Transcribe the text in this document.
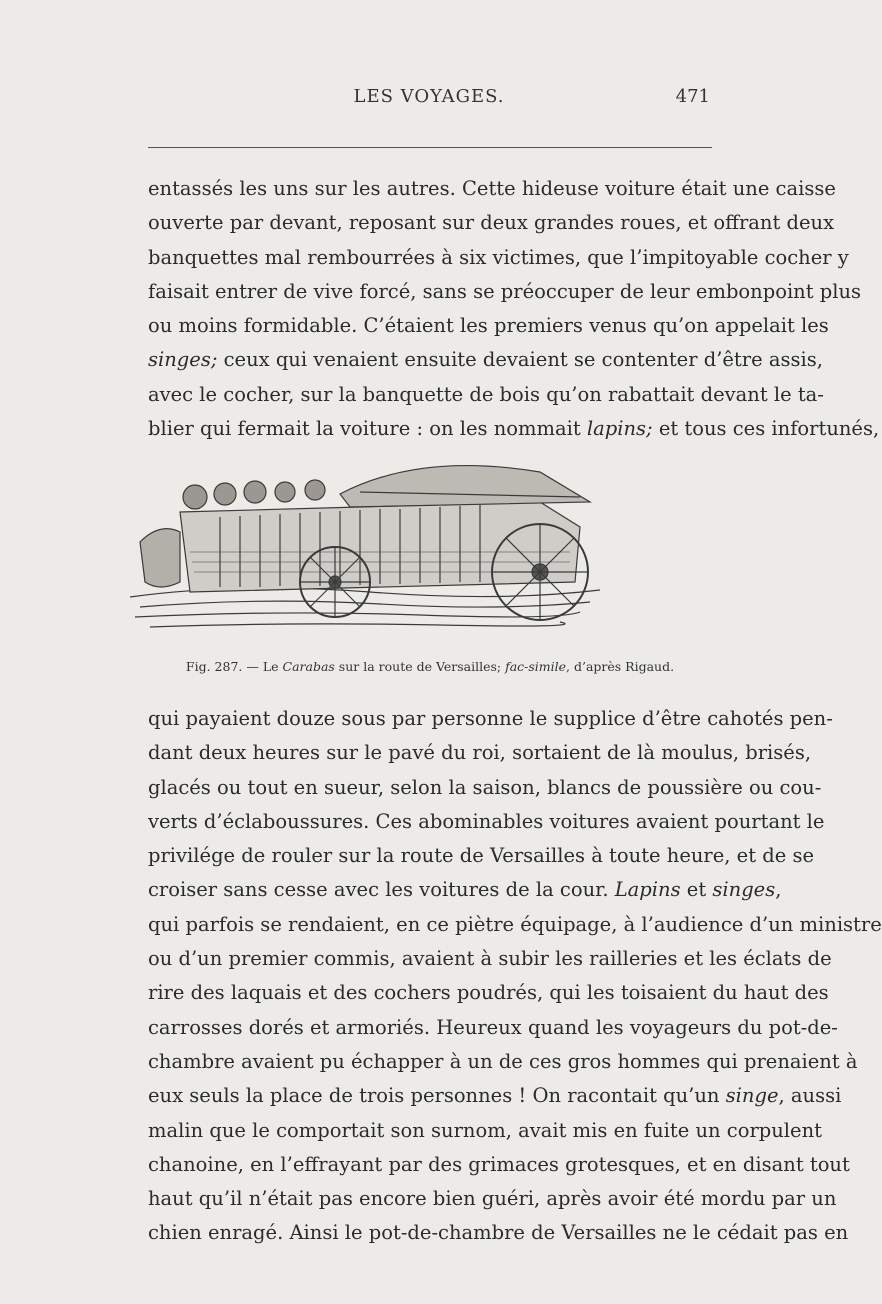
LES VOYAGES.	471
entassés les uns sur les autres. Cette hideuse voiture était une caisse
ouverte par devant, reposant sur deux grandes roues, et offrant deux
banquettes mal rembourrées à six victimes, que l’impitoyable cocher y
faisait entrer de vive forcé, sans se préoccuper de leur embonpoint plus
ou moins formidable. C’étaient les premiers venus qu’on appelait les
singes; ceux qui venaient ensuite devaient se contenter d’être assis,
avec le cocher, sur la banquette de bois qu’on rabattait devant le ta-
blier qui fermait la voiture : on les nommait lapins; et tous ces infortunés,
Fig. 287. — Le Carabas sur la route de Versailles; fac-simile, d’après Rigaud.
qui payaient douze sous par personne le supplice d’être cahotés pen-
dant deux heures sur le pavé du roi, sortaient de là moulus, brisés,
glacés ou tout en sueur, selon la saison, blancs de poussière ou cou-
verts d’éclaboussures. Ces abominables voitures avaient pourtant le
privilége de rouler sur la route de Versailles à toute heure, et de se
croiser sans cesse avec les voitures de la cour. Lapins et singes,
qui parfois se rendaient, en ce piètre équipage, à l’audience d’un ministre
ou d’un premier commis, avaient à subir les railleries et les éclats de
rire des laquais et des cochers poudrés, qui les toisaient du haut des
carrosses dorés et armoriés. Heureux quand les voyageurs du pot-de-
chambre avaient pu échapper à un de ces gros hommes qui prenaient à
eux seuls la place de trois personnes ! On racontait qu’un singe, aussi
malin que le comportait son surnom, avait mis en fuite un corpulent
chanoine, en l’effrayant par des grimaces grotesques, et en disant tout
haut qu’il n’était pas encore bien guéri, après avoir été mordu par un
chien enragé. Ainsi le pot-de-chambre de Versailles ne le cédait pas en
